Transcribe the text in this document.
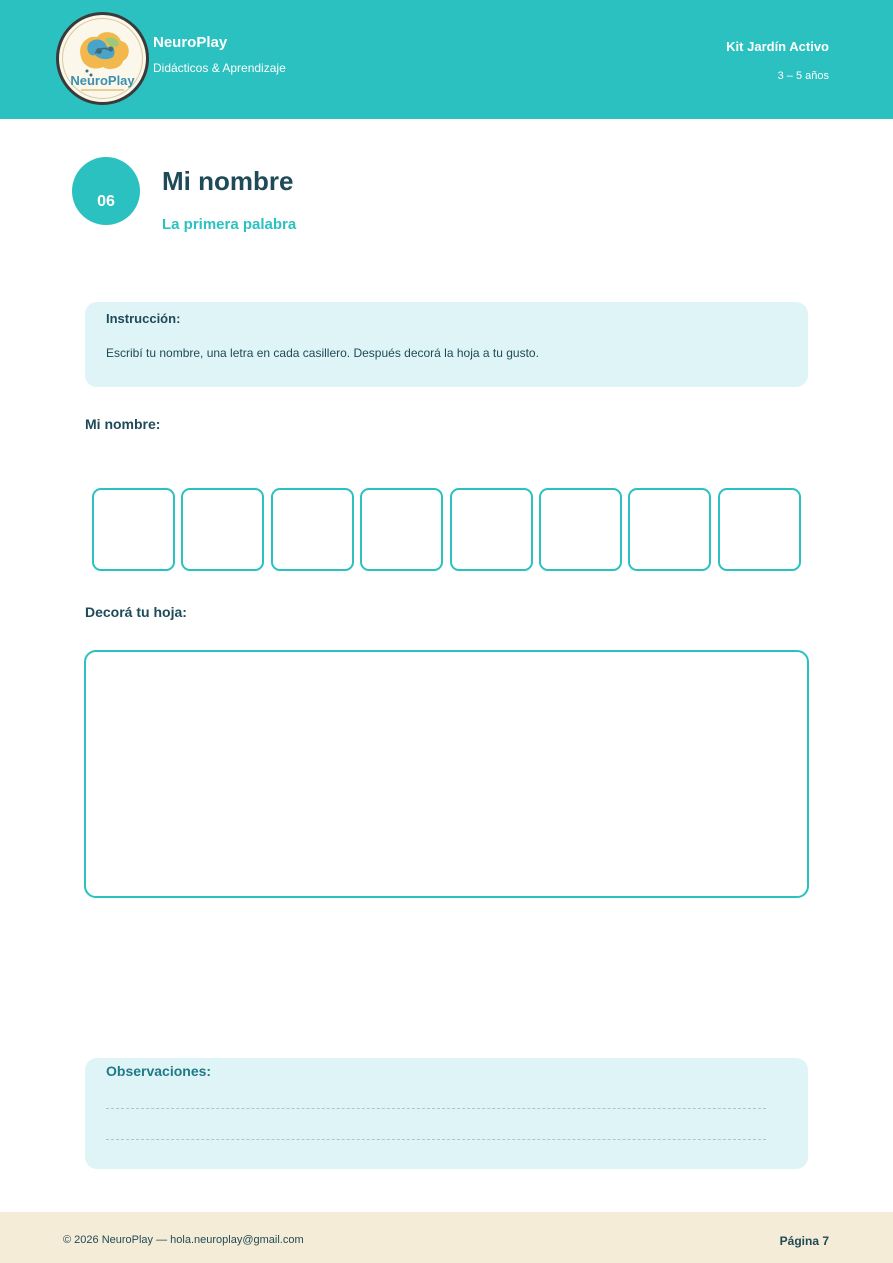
NeuroPlay
NeuroPlay
Didácticos & Aprendizaje
Kit Jardín Activo
3 – 5 años
06
Mi nombre
La primera palabra
Instrucción:
Escribí tu nombre, una letra en cada casillero. Después decorá la hoja a tu gusto.
Mi nombre:
Decorá tu hoja:
Observaciones:
© 2026 NeuroPlay — hola.neuroplay@gmail.com	Página 7
